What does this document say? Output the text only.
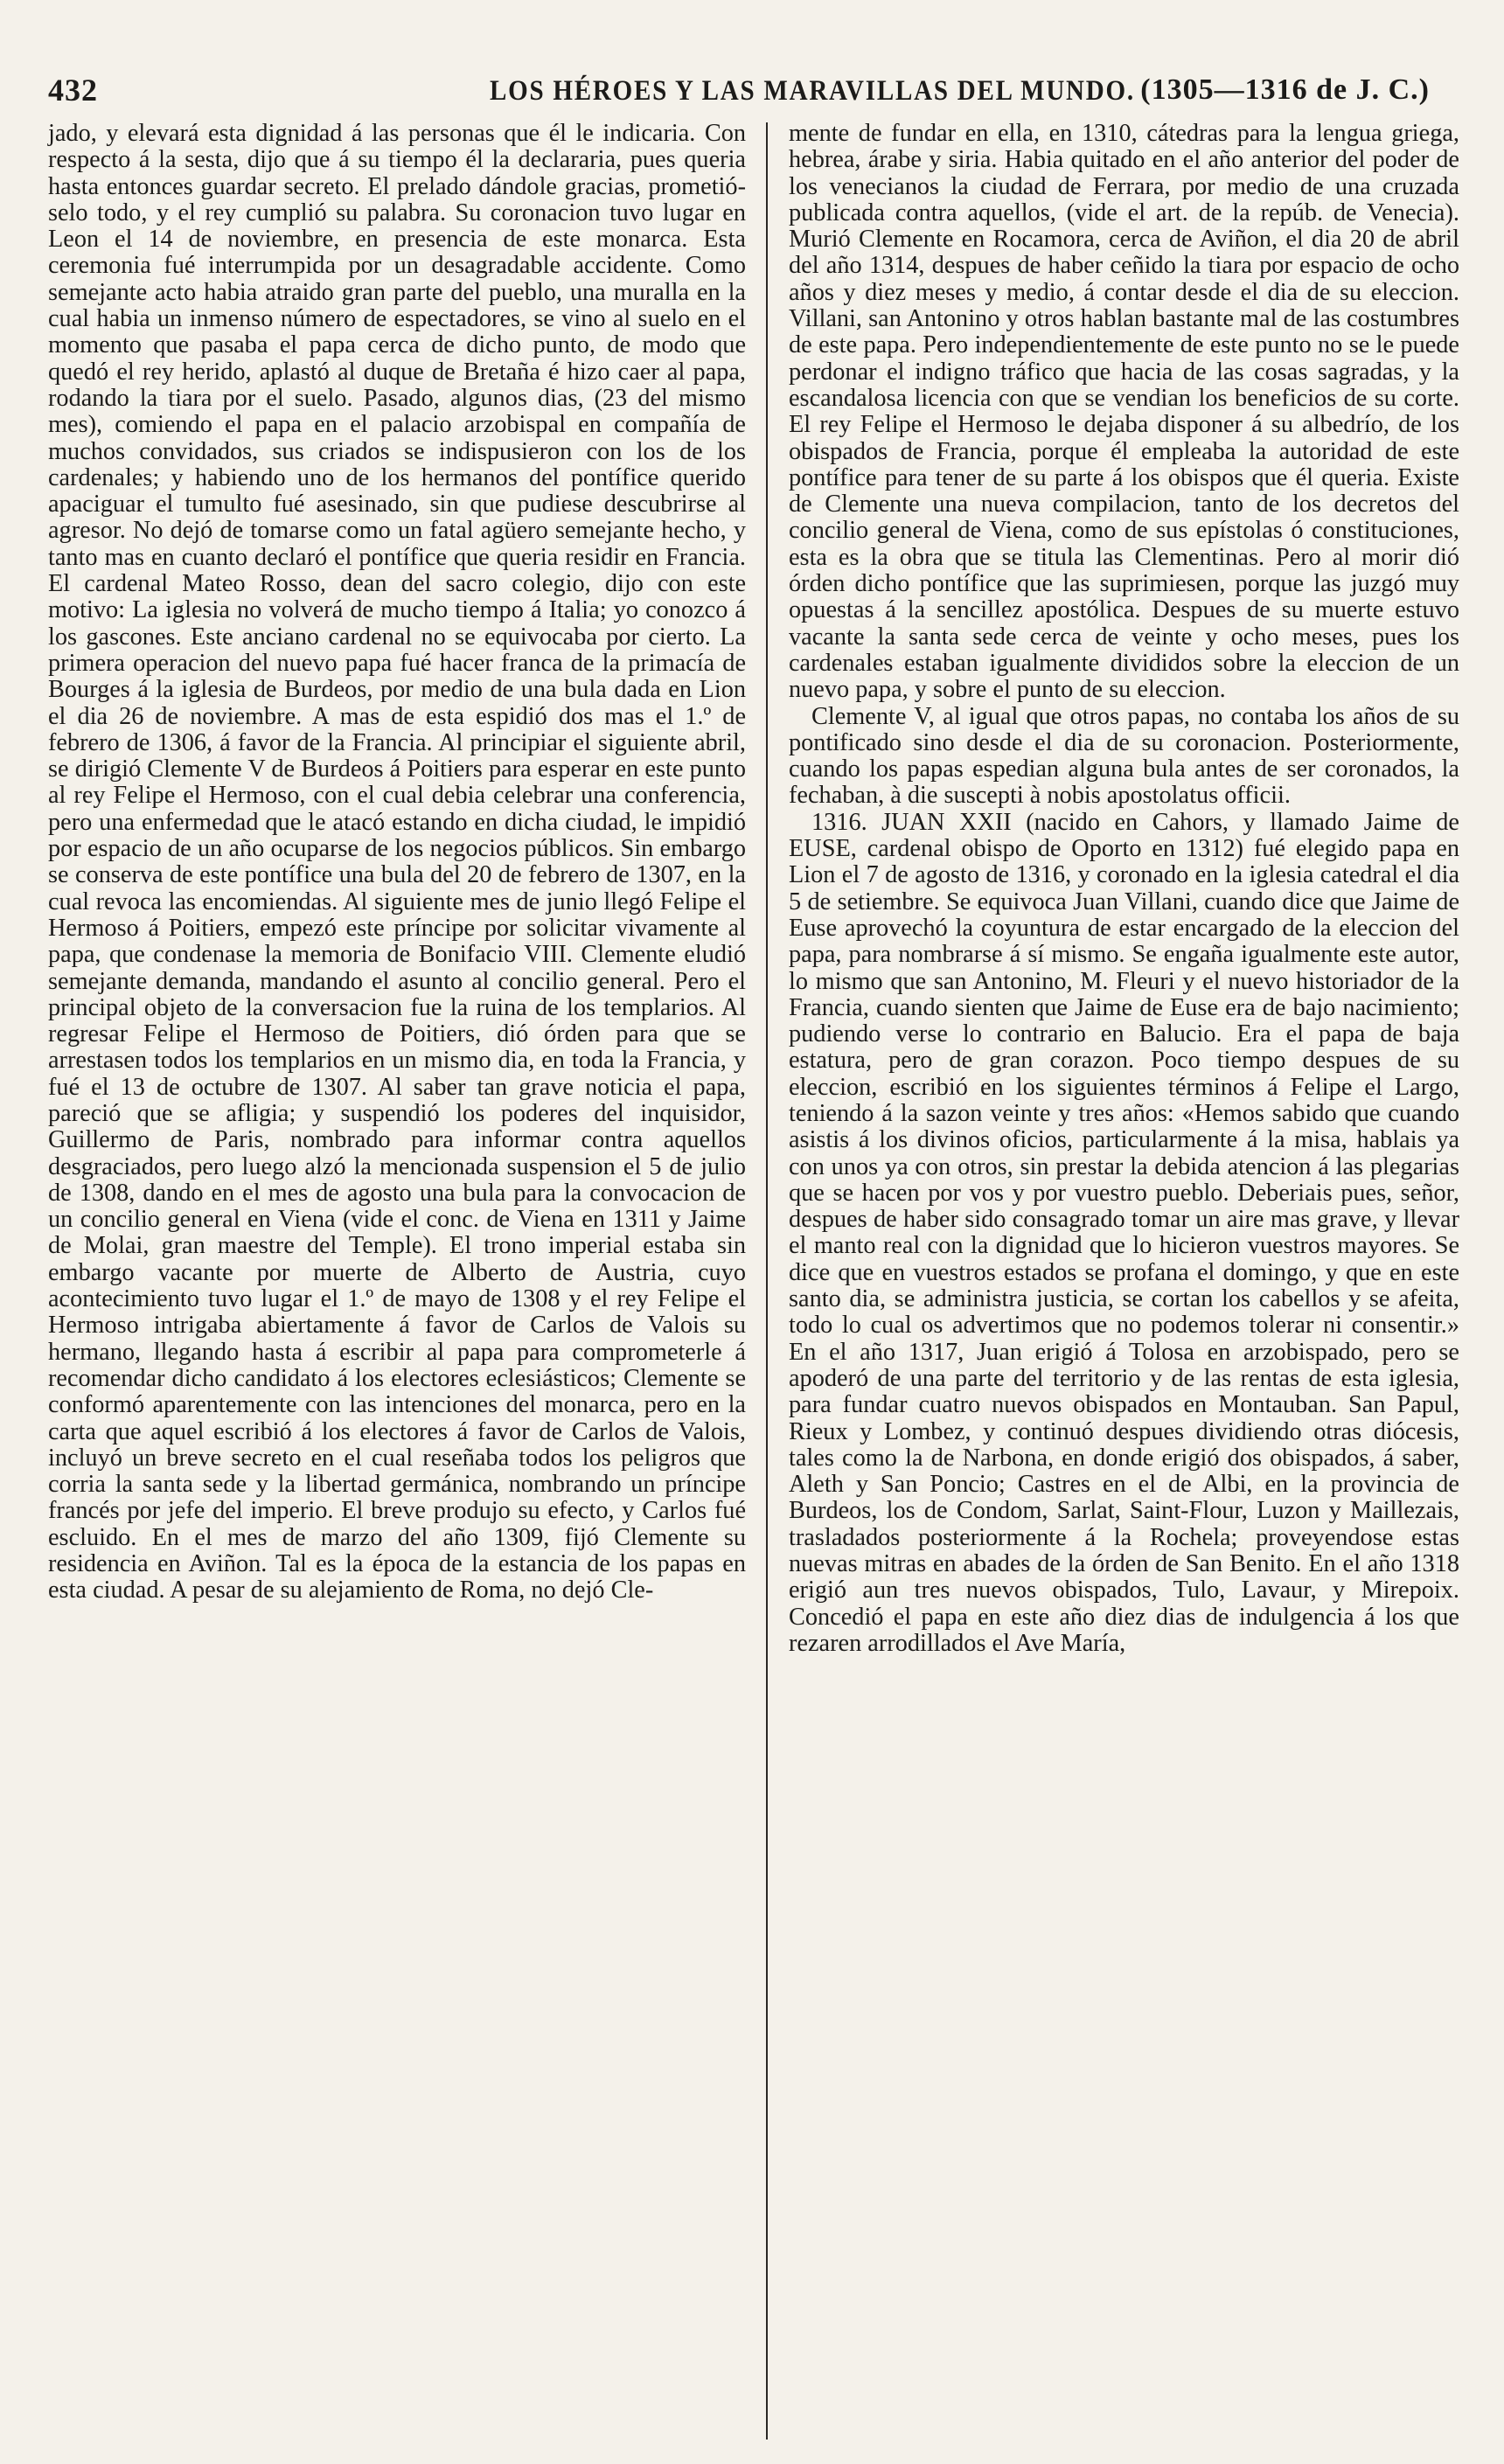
432	LOS HÉROES Y LAS MARAVILLAS DEL MUNDO. (1305—1316 de J. C.)

jado, y elevará esta dignidad á las personas que él le indicaria. Con respecto á la sesta, dijo que á su tiempo él la declararia, pues queria hasta entonces guardar secreto. El prelado dándole gracias, prometió-selo todo, y el rey cumplió su palabra. Su coronacion tuvo lugar en Leon el 14 de noviembre, en presencia de este monarca. Esta ceremonia fué interrumpida por un desagradable accidente. Como semejante acto habia atraido gran parte del pueblo, una muralla en la cual habia un inmenso número de espectadores, se vino al suelo en el momento que pasaba el papa cerca de dicho punto, de modo que quedó el rey herido, aplastó al duque de Bretaña é hizo caer al papa, rodando la tiara por el suelo. Pasado, algunos dias, (23 del mismo mes), comiendo el papa en el palacio arzobispal en compañía de muchos convidados, sus criados se indispusieron con los de los cardenales; y habiendo uno de los hermanos del pontífice querido apaciguar el tumulto fué asesinado, sin que pudiese descubrirse al agresor. No dejó de tomarse como un fatal agüero semejante hecho, y tanto mas en cuanto declaró el pontífice que queria residir en Francia. El cardenal Mateo Rosso, dean del sacro colegio, dijo con este motivo: La iglesia no volverá de mucho tiempo á Italia; yo conozco á los gascones. Este anciano cardenal no se equivocaba por cierto. La primera operacion del nuevo papa fué hacer franca de la primacía de Bourges á la iglesia de Burdeos, por medio de una bula dada en Lion el dia 26 de noviembre. A mas de esta espidió dos mas el 1.º de febrero de 1306, á favor de la Francia. Al principiar el siguiente abril, se dirigió Clemente V de Burdeos á Poitiers para esperar en este punto al rey Felipe el Hermoso, con el cual debia celebrar una conferencia, pero una enfermedad que le atacó estando en dicha ciudad, le impidió por espacio de un año ocuparse de los negocios públicos. Sin embargo se conserva de este pontífice una bula del 20 de febrero de 1307, en la cual revoca las encomiendas. Al siguiente mes de junio llegó Felipe el Hermoso á Poitiers, empezó este príncipe por solicitar vivamente al papa, que condenase la memoria de Bonifacio VIII. Clemente eludió semejante demanda, mandando el asunto al concilio general. Pero el principal objeto de la conversacion fue la ruina de los templarios. Al regresar Felipe el Hermoso de Poitiers, dió órden para que se arrestasen todos los templarios en un mismo dia, en toda la Francia, y fué el 13 de octubre de 1307. Al saber tan grave noticia el papa, pareció que se afligia; y suspendió los poderes del inquisidor, Guillermo de Paris, nombrado para informar contra aquellos desgraciados, pero luego alzó la mencionada suspension el 5 de julio de 1308, dando en el mes de agosto una bula para la convocacion de un concilio general en Viena (vide el conc. de Viena en 1311 y Jaime de Molai, gran maestre del Temple). El trono imperial estaba sin embargo vacante por muerte de Alberto de Austria, cuyo acontecimiento tuvo lugar el 1.º de mayo de 1308 y el rey Felipe el Hermoso intrigaba abiertamente á favor de Carlos de Valois su hermano, llegando hasta á escribir al papa para comprometerle á recomendar dicho candidato á los electores eclesiásticos; Clemente se conformó aparentemente con las intenciones del monarca, pero en la carta que aquel escribió á los electores á favor de Carlos de Valois, incluyó un breve secreto en el cual reseñaba todos los peligros que corria la santa sede y la libertad germánica, nombrando un príncipe francés por jefe del imperio. El breve produjo su efecto, y Carlos fué escluido. En el mes de marzo del año 1309, fijó Clemente su residencia en Aviñon. Tal es la época de la estancia de los papas en esta ciudad. A pesar de su alejamiento de Roma, no dejó Cle-

mente de fundar en ella, en 1310, cátedras para la lengua griega, hebrea, árabe y siria. Habia quitado en el año anterior del poder de los venecianos la ciudad de Ferrara, por medio de una cruzada publicada contra aquellos, (vide el art. de la repúb. de Venecia). Murió Clemente en Rocamora, cerca de Aviñon, el dia 20 de abril del año 1314, despues de haber ceñido la tiara por espacio de ocho años y diez meses y medio, á contar desde el dia de su eleccion. Villani, san Antonino y otros hablan bastante mal de las costumbres de este papa. Pero independientemente de este punto no se le puede perdonar el indigno tráfico que hacia de las cosas sagradas, y la escandalosa licencia con que se vendian los beneficios de su corte. El rey Felipe el Hermoso le dejaba disponer á su albedrío, de los obispados de Francia, porque él empleaba la autoridad de este pontífice para tener de su parte á los obispos que él queria. Existe de Clemente una nueva compilacion, tanto de los decretos del concilio general de Viena, como de sus epístolas ó constituciones, esta es la obra que se titula las Clementinas. Pero al morir dió órden dicho pontífice que las suprimiesen, porque las juzgó muy opuestas á la sencillez apostólica. Despues de su muerte estuvo vacante la santa sede cerca de veinte y ocho meses, pues los cardenales estaban igualmente divididos sobre la eleccion de un nuevo papa, y sobre el punto de su eleccion.

Clemente V, al igual que otros papas, no contaba los años de su pontificado sino desde el dia de su coronacion. Posteriormente, cuando los papas espedian alguna bula antes de ser coronados, la fechaban, à die suscepti à nobis apostolatus officii.

1316. JUAN XXII (nacido en Cahors, y llamado Jaime de EUSE, cardenal obispo de Oporto en 1312) fué elegido papa en Lion el 7 de agosto de 1316, y coronado en la iglesia catedral el dia 5 de setiembre. Se equivoca Juan Villani, cuando dice que Jaime de Euse aprovechó la coyuntura de estar encargado de la eleccion del papa, para nombrarse á sí mismo. Se engaña igualmente este autor, lo mismo que san Antonino, M. Fleuri y el nuevo historiador de la Francia, cuando sienten que Jaime de Euse era de bajo nacimiento; pudiendo verse lo contrario en Balucio. Era el papa de baja estatura, pero de gran corazon. Poco tiempo despues de su eleccion, escribió en los siguientes términos á Felipe el Largo, teniendo á la sazon veinte y tres años: «Hemos sabido que cuando asistis á los divinos oficios, particularmente á la misa, hablais ya con unos ya con otros, sin prestar la debida atencion á las plegarias que se hacen por vos y por vuestro pueblo. Deberiais pues, señor, despues de haber sido consagrado tomar un aire mas grave, y llevar el manto real con la dignidad que lo hicieron vuestros mayores. Se dice que en vuestros estados se profana el domingo, y que en este santo dia, se administra justicia, se cortan los cabellos y se afeita, todo lo cual os advertimos que no podemos tolerar ni consentir.» En el año 1317, Juan erigió á Tolosa en arzobispado, pero se apoderó de una parte del territorio y de las rentas de esta iglesia, para fundar cuatro nuevos obispados en Montauban. San Papul, Rieux y Lombez, y continuó despues dividiendo otras diócesis, tales como la de Narbona, en donde erigió dos obispados, á saber, Aleth y San Poncio; Castres en el de Albi, en la provincia de Burdeos, los de Condom, Sarlat, Saint-Flour, Luzon y Maillezais, trasladados posteriormente á la Rochela; proveyendose estas nuevas mitras en abades de la órden de San Benito. En el año 1318 erigió aun tres nuevos obispados, Tulo, Lavaur, y Mirepoix. Concedió el papa en este año diez dias de indulgencia á los que rezaren arrodillados el Ave María,
